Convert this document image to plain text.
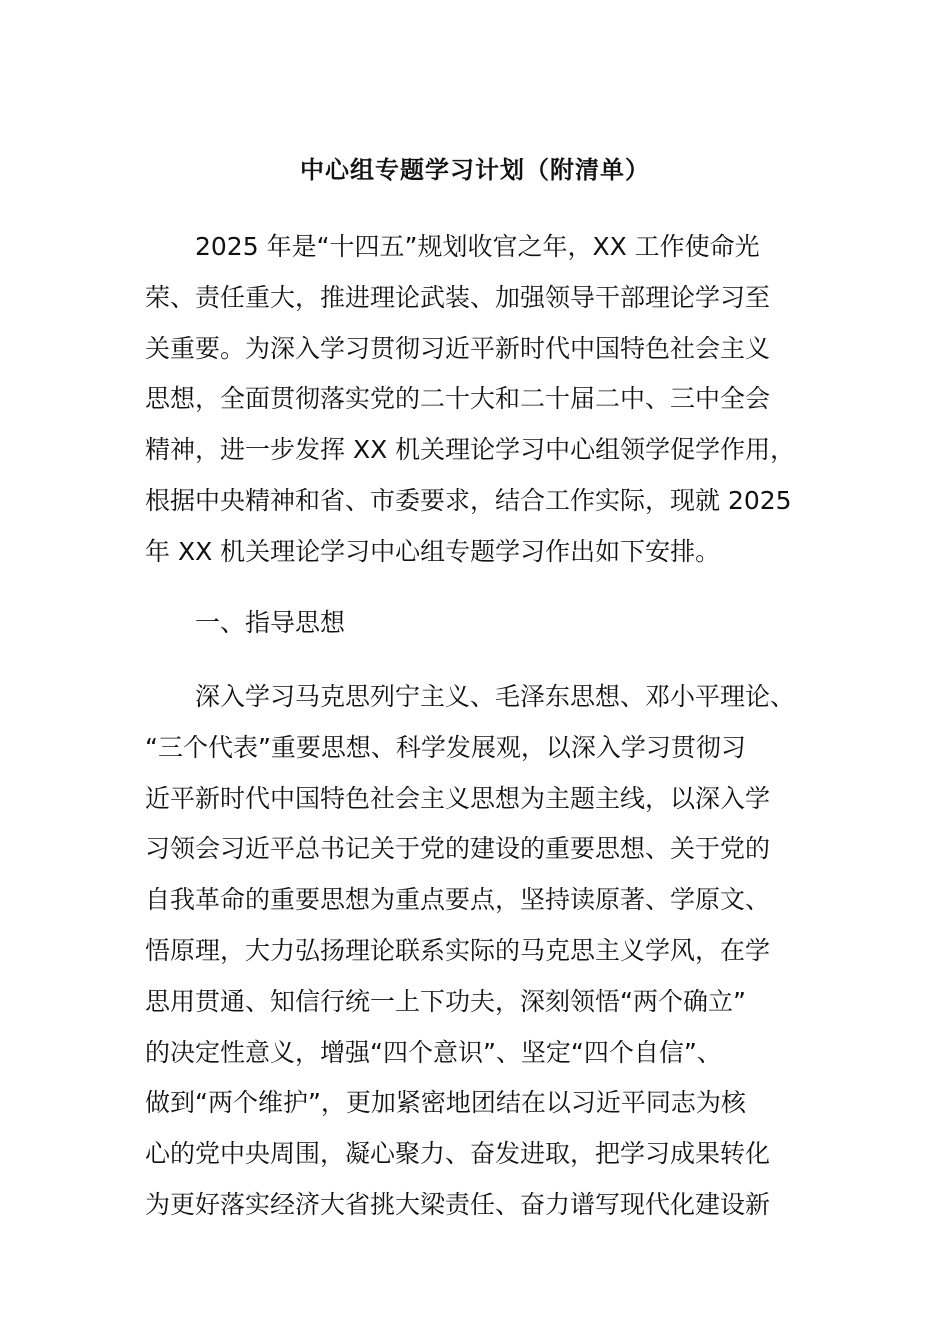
中心组专题学习计划（附清单）
2025 年是“十四五”规划收官之年，XX 工作使命光
荣、责任重大，推进理论武装、加强领导干部理论学习至
关重要。为深入学习贯彻习近平新时代中国特色社会主义
思想，全面贯彻落实党的二十大和二十届二中、三中全会
精神，进一步发挥 XX 机关理论学习中心组领学促学作用，
根据中央精神和省、市委要求，结合工作实际，现就 2025
年 XX 机关理论学习中心组专题学习作出如下安排。
一、指导思想
深入学习马克思列宁主义、毛泽东思想、邓小平理论、
“三个代表”重要思想、科学发展观，以深入学习贯彻习
近平新时代中国特色社会主义思想为主题主线，以深入学
习领会习近平总书记关于党的建设的重要思想、关于党的
自我革命的重要思想为重点要点，坚持读原著、学原文、
悟原理，大力弘扬理论联系实际的马克思主义学风，在学
思用贯通、知信行统一上下功夫，深刻领悟“两个确立”
的决定性意义，增强“四个意识”、坚定“四个自信”、
做到“两个维护”，更加紧密地团结在以习近平同志为核
心的党中央周围，凝心聚力、奋发进取，把学习成果转化
为更好落实经济大省挑大梁责任、奋力谱写现代化建设新
